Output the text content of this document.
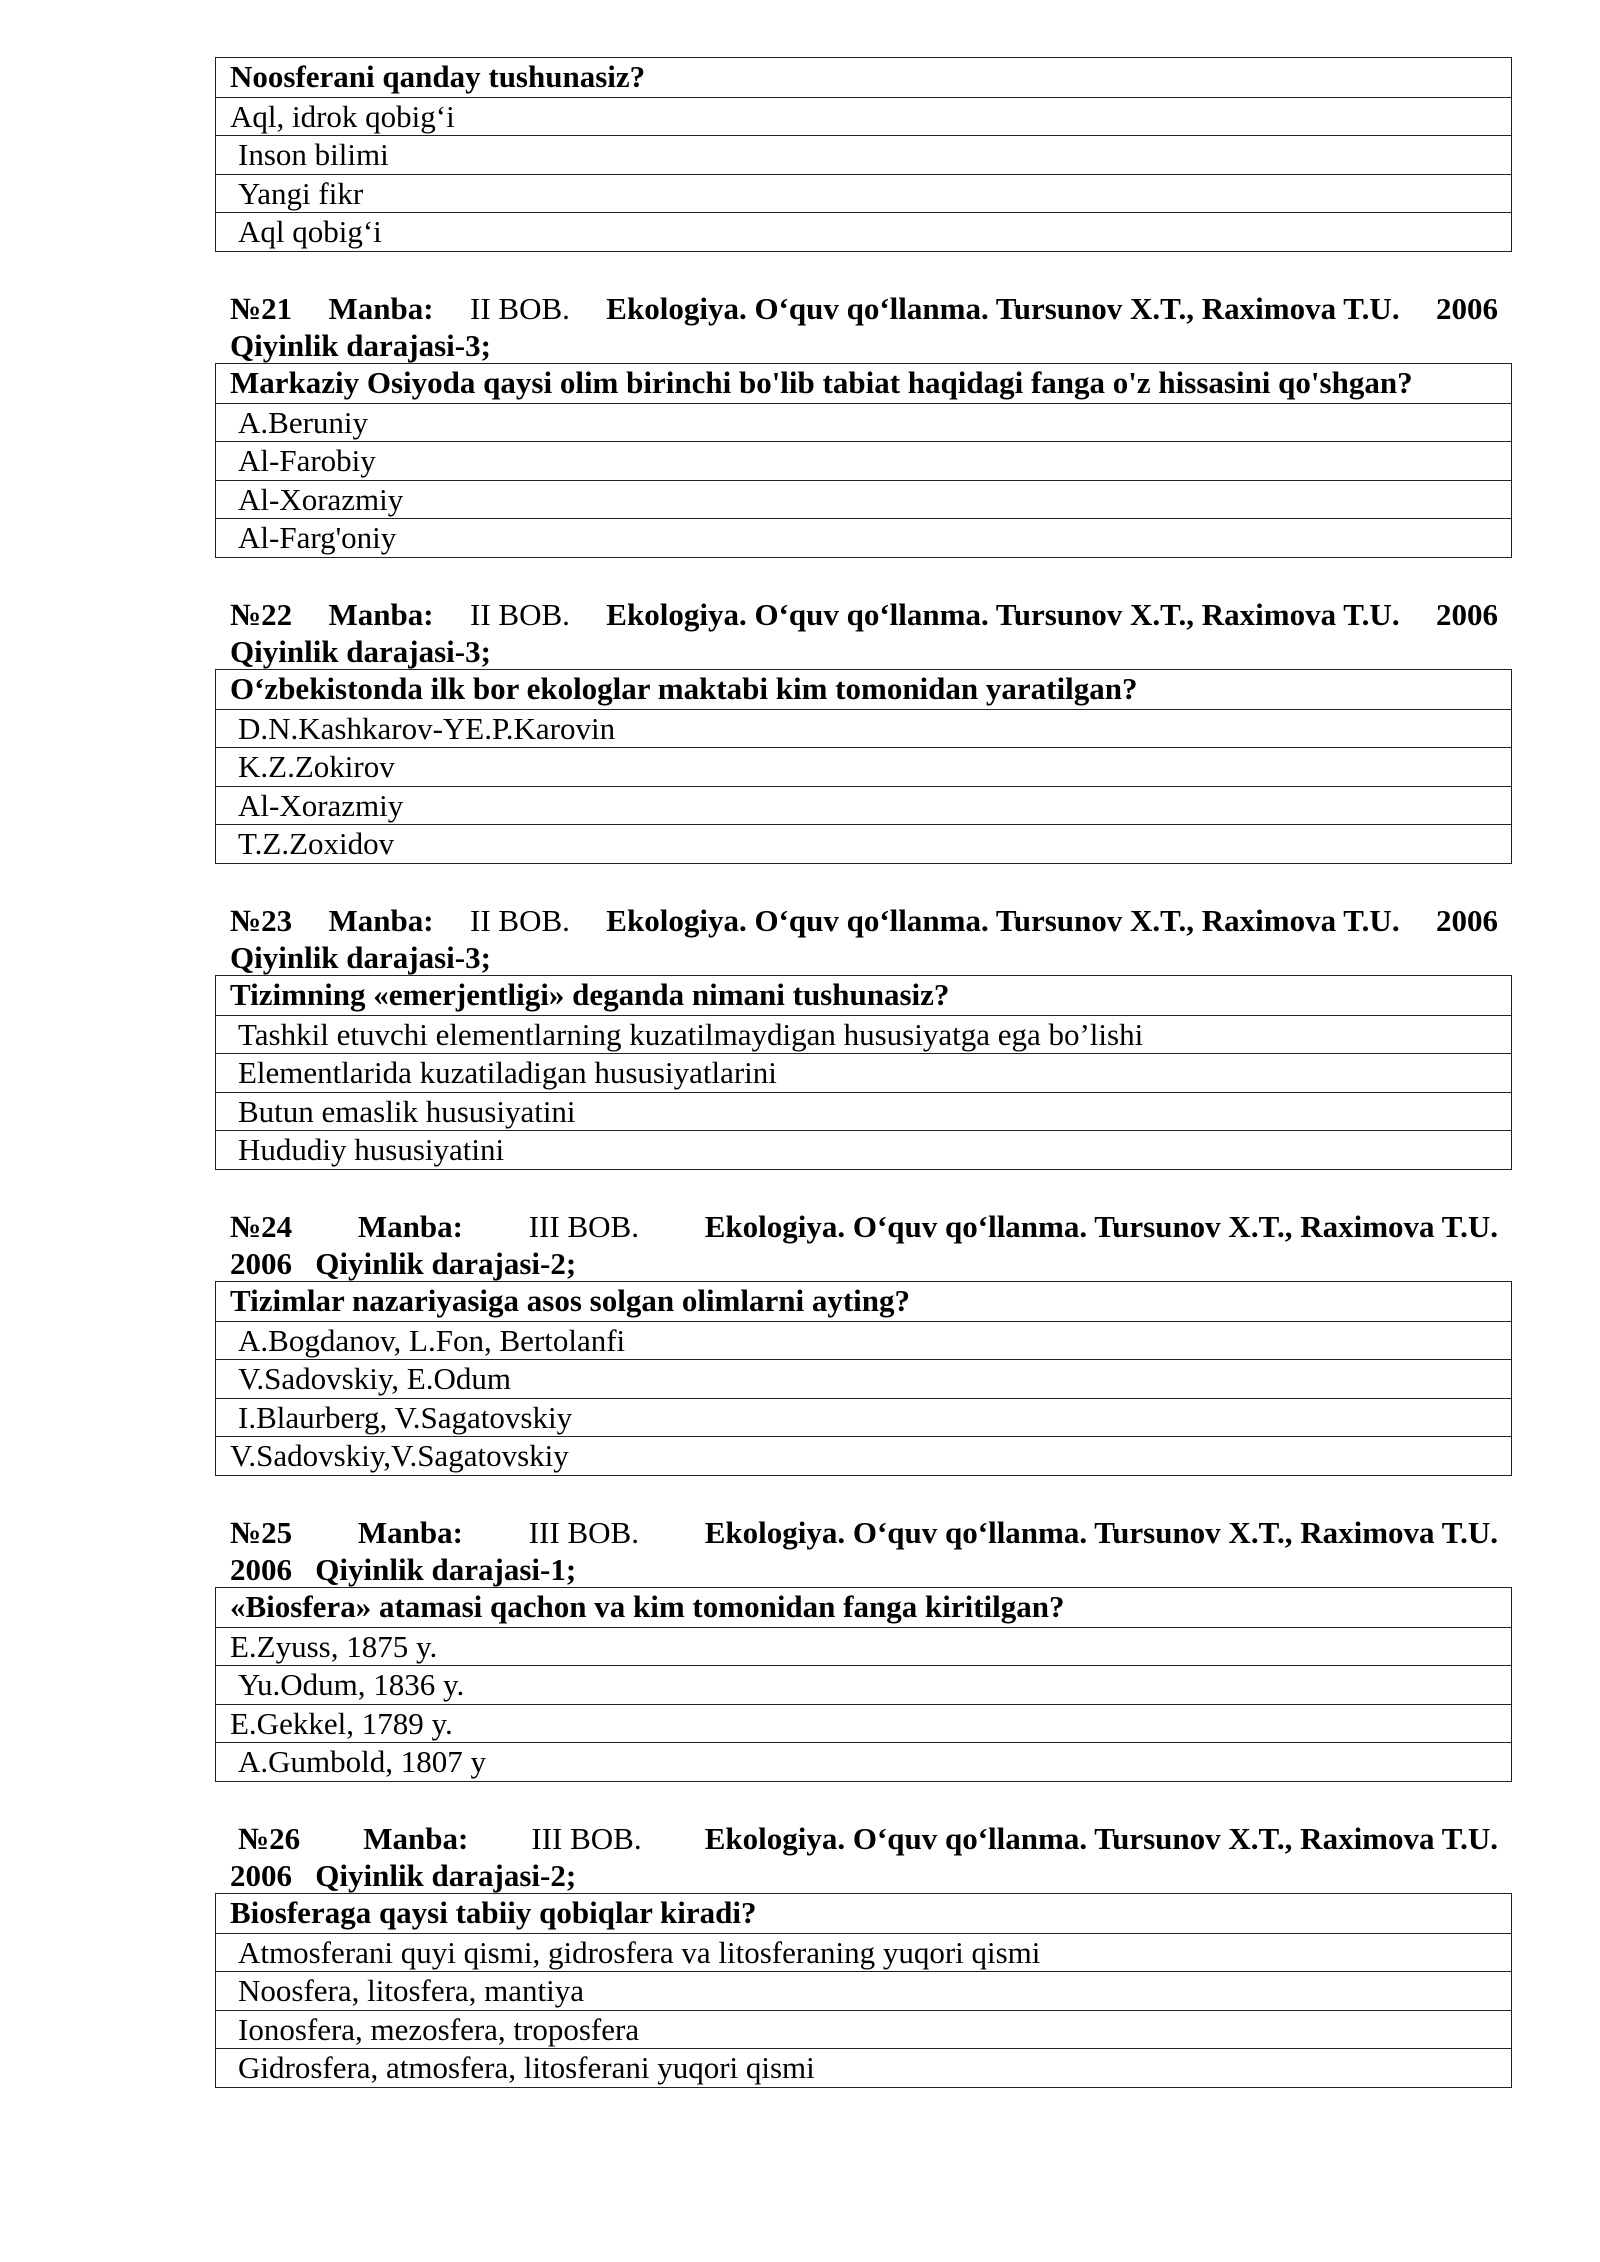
Noosferani qanday tushunasiz?
Aql, idrok qobig‘i
Inson bilimi
Yangi fikr
Aql qobig‘i
№21 Manba: II BOB. Ekologiya. O‘quv qo‘llanma. Tursunov X.T., Raximova T.U. 2006
Qiyinlik darajasi-3;
Markaziy Osiyoda qaysi olim birinchi bo'lib tabiat haqidagi fanga o'z hissasini qo'shgan?
A.Beruniy
Al-Farobiy
Al-Xorazmiy
Al-Farg'oniy
№22 Manba: II BOB. Ekologiya. O‘quv qo‘llanma. Tursunov X.T., Raximova T.U. 2006
Qiyinlik darajasi-3;
O‘zbekistonda ilk bor ekologlar maktabi kim tomonidan yaratilgan?
D.N.Kashkarov-YE.P.Karovin
K.Z.Zokirov
Al-Xorazmiy
T.Z.Zoxidov
№23 Manba: II BOB. Ekologiya. O‘quv qo‘llanma. Tursunov X.T., Raximova T.U. 2006
Qiyinlik darajasi-3;
Tizimning «emerjentligi» deganda nimani tushunasiz?
Tashkil etuvchi elementlarning kuzatilmaydigan hususiyatga ega bo’lishi
Elementlarida kuzatiladigan hususiyatlarini
Butun emaslik hususiyatini
Hududiy hususiyatini
№24 Manba: III BOB. Ekologiya. O‘quv qo‘llanma. Tursunov X.T., Raximova T.U.
2006 Qiyinlik darajasi-2;
Tizimlar nazariyasiga asos solgan olimlarni ayting?
A.Bogdanov, L.Fon, Bertolanfi
V.Sadovskiy, E.Odum
I.Blaurberg, V.Sagatovskiy
V.Sadovskiy,V.Sagatovskiy
№25 Manba: III BOB. Ekologiya. O‘quv qo‘llanma. Tursunov X.T., Raximova T.U.
2006 Qiyinlik darajasi-1;
«Biosfera» atamasi qachon va kim tomonidan fanga kiritilgan?
E.Zyuss, 1875 y.
Yu.Odum, 1836 y.
E.Gekkel, 1789 y.
A.Gumbold, 1807 y
№26 Manba: III BOB. Ekologiya. O‘quv qo‘llanma. Tursunov X.T., Raximova T.U.
2006 Qiyinlik darajasi-2;
Biosferaga qaysi tabiiy qobiqlar kiradi?
Atmosferani quyi qismi, gidrosfera va litosferaning yuqori qismi
Noosfera, litosfera, mantiya
Ionosfera, mezosfera, troposfera
Gidrosfera, atmosfera, litosferani yuqori qismi
